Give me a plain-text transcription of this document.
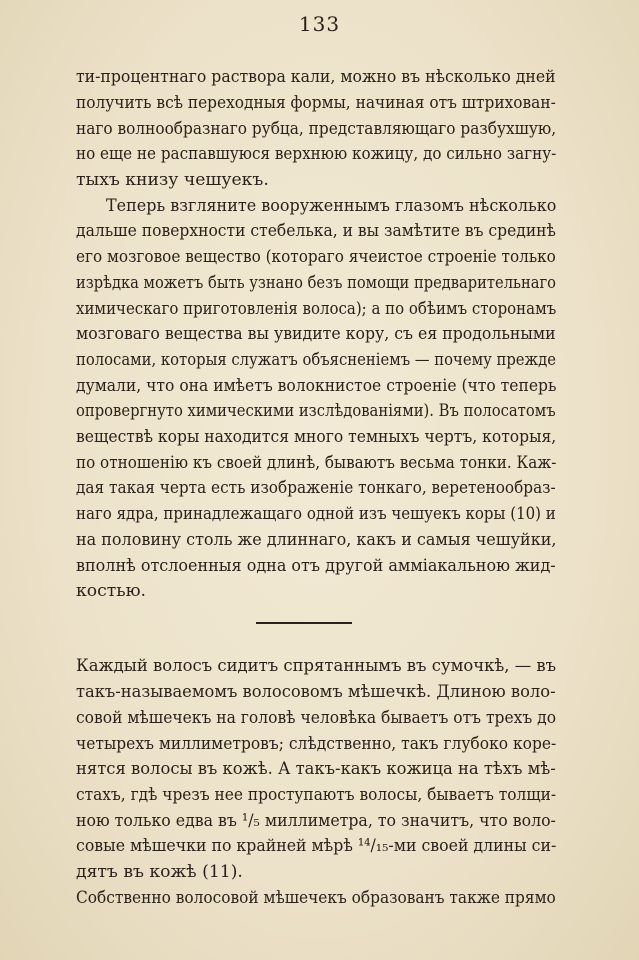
133
ти-процентнаго раствора кали, можно въ нѣсколько дней
получить всѣ переходныя формы, начиная отъ штрихован-
наго волнообразнаго рубца, представляющаго разбухшую,
но еще не распавшуюся верхнюю кожицу, до сильно загну-
тыхъ книзу чешуекъ.
Теперь взгляните вооруженнымъ глазомъ нѣсколько
дальше поверхности стебелька, и вы замѣтите въ срединѣ
его мозговое вещество (котораго ячеистое строеніе только
изрѣдка можетъ быть узнано безъ помощи предварительнаго
химическаго приготовленія волоса); а по обѣимъ сторонамъ
мозговаго вещества вы увидите кору, съ ея продольными
полосами, которыя служатъ объясненіемъ — почему прежде
думали, что она имѣетъ волокнистое строеніе (что теперь
опровергнуто химическими изслѣдованіями). Въ полосатомъ
веществѣ коры находится много темныхъ чертъ, которыя,
по отношенію къ своей длинѣ, бываютъ весьма тонки. Каж-
дая такая черта есть изображеніе тонкаго, веретенообраз-
наго ядра, принадлежащаго одной изъ чешуекъ коры (10) и
на половину столь же длиннаго, какъ и самыя чешуйки,
вполнѣ отслоенныя одна отъ другой аммiакальною жид-
костью.
Каждый волосъ сидитъ спрятаннымъ въ сумочкѣ, — въ
такъ-называемомъ волосовомъ мѣшечкѣ. Длиною воло-
совой мѣшечекъ на головѣ человѣка бываетъ отъ трехъ до
четырехъ миллиметровъ; слѣдственно, такъ глубоко коре-
нятся волосы въ кожѣ. А такъ-какъ кожица на тѣхъ мѣ-
стахъ, гдѣ чрезъ нее проступаютъ волосы, бываетъ толщи-
ною только едва въ ¹/₅ миллиметра, то значитъ, что воло-
совые мѣшечки по крайней мѣрѣ ¹⁴/₁₅-ми своей длины си-
дятъ въ кожѣ (11).
Собственно волосовой мѣшечекъ образованъ также прямо
